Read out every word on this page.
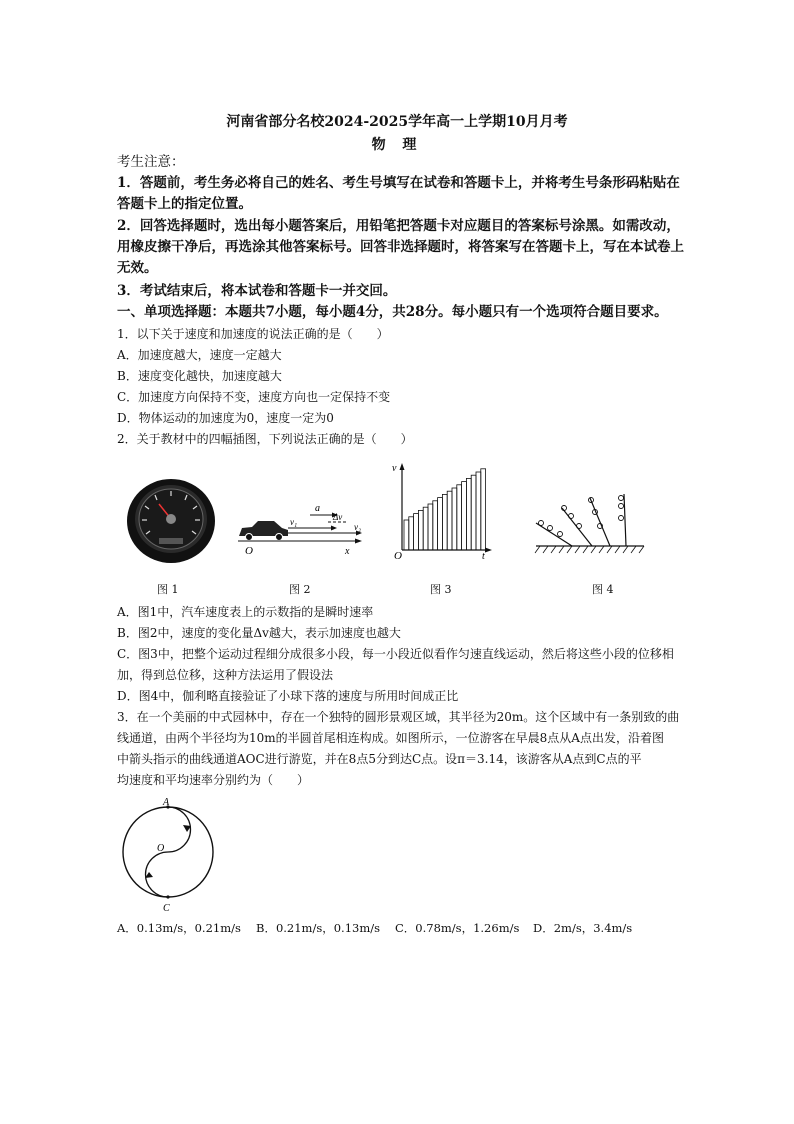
河南省部分名校2024-2025学年高一上学期10月月考
物 理
考生注意：
1．答题前，考生务必将自己的姓名、考生号填写在试卷和答题卡上，并将考生号条形码粘贴在答题卡上的指定位置。
2．回答选择题时，选出每小题答案后，用铅笔把答题卡对应题目的答案标号涂黑。如需改动，用橡皮擦干净后，再选涂其他答案标号。回答非选择题时，将答案写在答题卡上，写在本试卷上无效。
3．考试结束后，将本试卷和答题卡一并交回。
一、单项选择题：本题共7小题，每小题4分，共28分。每小题只有一个选项符合题目要求。
1．以下关于速度和加速度的说法正确的是（　　）
A．加速度越大，速度一定越大
B．速度变化越快，加速度越大
C．加速度方向保持不变，速度方向也一定保持不变
D．物体运动的加速度为0，速度一定为0
2．关于教材中的四幅插图，下列说法正确的是（　　）
a
v₁	Δv
v₂
O	x
v
O	t
图 1	图 2	图 3	图 4
A．图1中，汽车速度表上的示数指的是瞬时速率
B．图2中，速度的变化量Δv越大，表示加速度也越大
C．图3中，把整个运动过程细分成很多小段，每一小段近似看作匀速直线运动，然后将这些小段的位移相
加，得到总位移，这种方法运用了假设法
D．图4中，伽利略直接验证了小球下落的速度与所用时间成正比
3．在一个美丽的中式园林中，存在一个独特的圆形景观区域，其半径为20m。这个区域中有一条别致的曲
线通道，由两个半径均为10m的半圆首尾相连构成。如图所示，一位游客在早晨8点从A点出发，沿着图
中箭头指示的曲线通道AOC进行游览，并在8点5分到达C点。设π＝3.14，该游客从A点到C点的平
均速度和平均速率分别约为（　　）
A
O
C
A．0.13m/s，0.21m/s B．0.21m/s，0.13m/s C．0.78m/s，1.26m/s D．2m/s，3.4m/s
